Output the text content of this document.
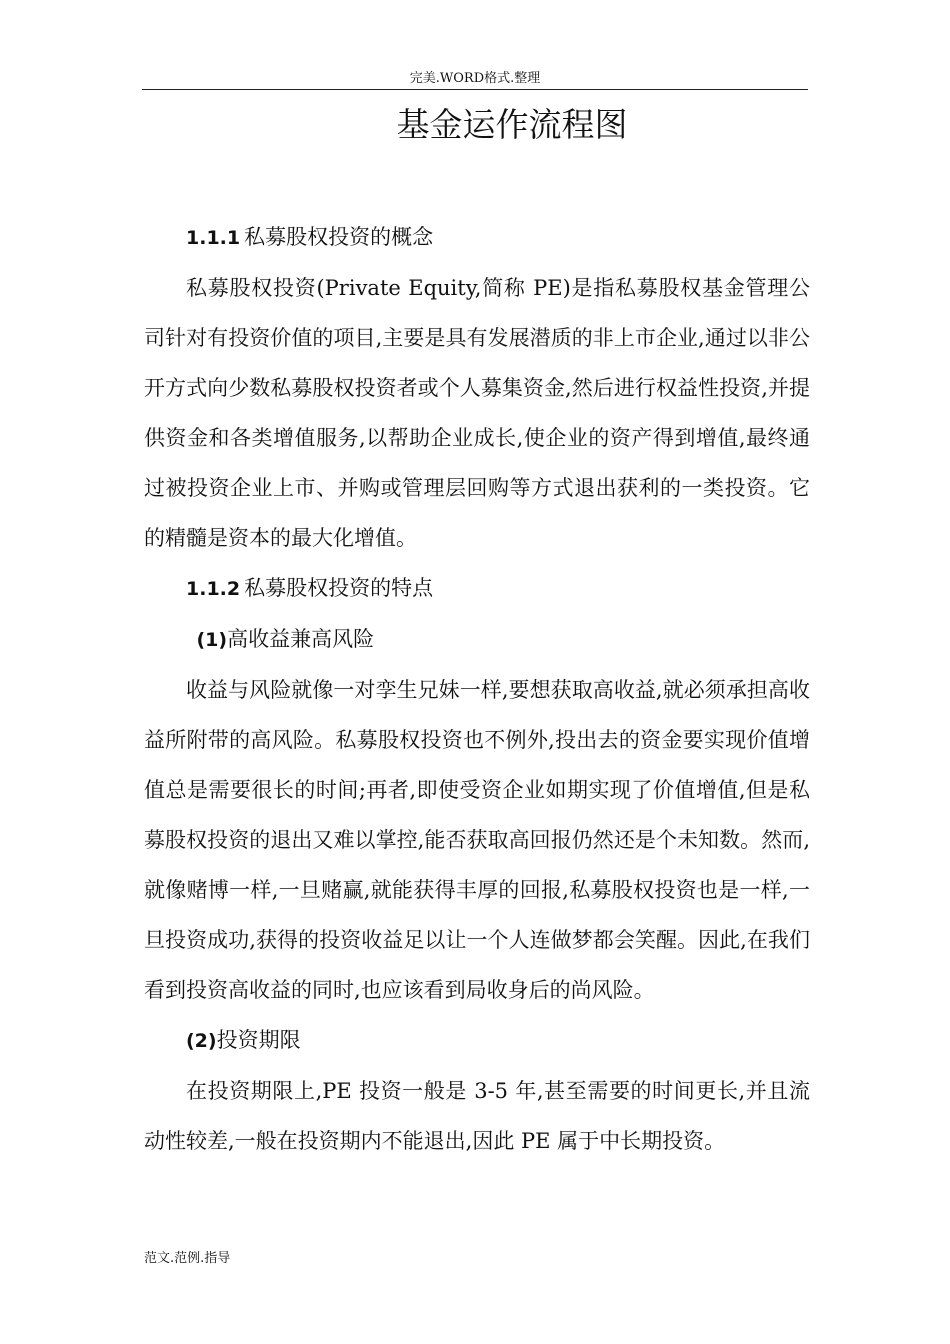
完美.WORD格式.整理
基金运作流程图

1.1.1 私募股权投资的概念

私募股权投资(Private Equity,简称 PE)是指私募股权基金管理公司针对有投资价值的项目,主要是具有发展潜质的非上市企业,通过以非公开方式向少数私募股权投资者或个人募集资金,然后进行权益性投资,并提供资金和各类增值服务,以帮助企业成长,使企业的资产得到增值,最终通过被投资企业上市、并购或管理层回购等方式退出获利的一类投资。它的精髓是资本的最大化增值。

1.1.2 私募股权投资的特点

(1)高收益兼高风险

收益与风险就像一对孪生兄妹一样,要想获取高收益,就必须承担高收益所附带的高风险。私募股权投资也不例外,投出去的资金要实现价值增值总是需要很长的时间;再者,即使受资企业如期实现了价值增值,但是私募股权投资的退出又难以掌控,能否获取高回报仍然还是个未知数。然而,就像赌博一样,一旦赌赢,就能获得丰厚的回报,私募股权投资也是一样,一旦投资成功,获得的投资收益足以让一个人连做梦都会笑醒。因此,在我们看到投资高收益的同时,也应该看到局收身后的尚风险。

(2)投资期限

在投资期限上,PE 投资一般是 3-5 年,甚至需要的时间更长,并且流动性较差,一般在投资期内不能退出,因此 PE 属于中长期投资。

范文.范例.指导
